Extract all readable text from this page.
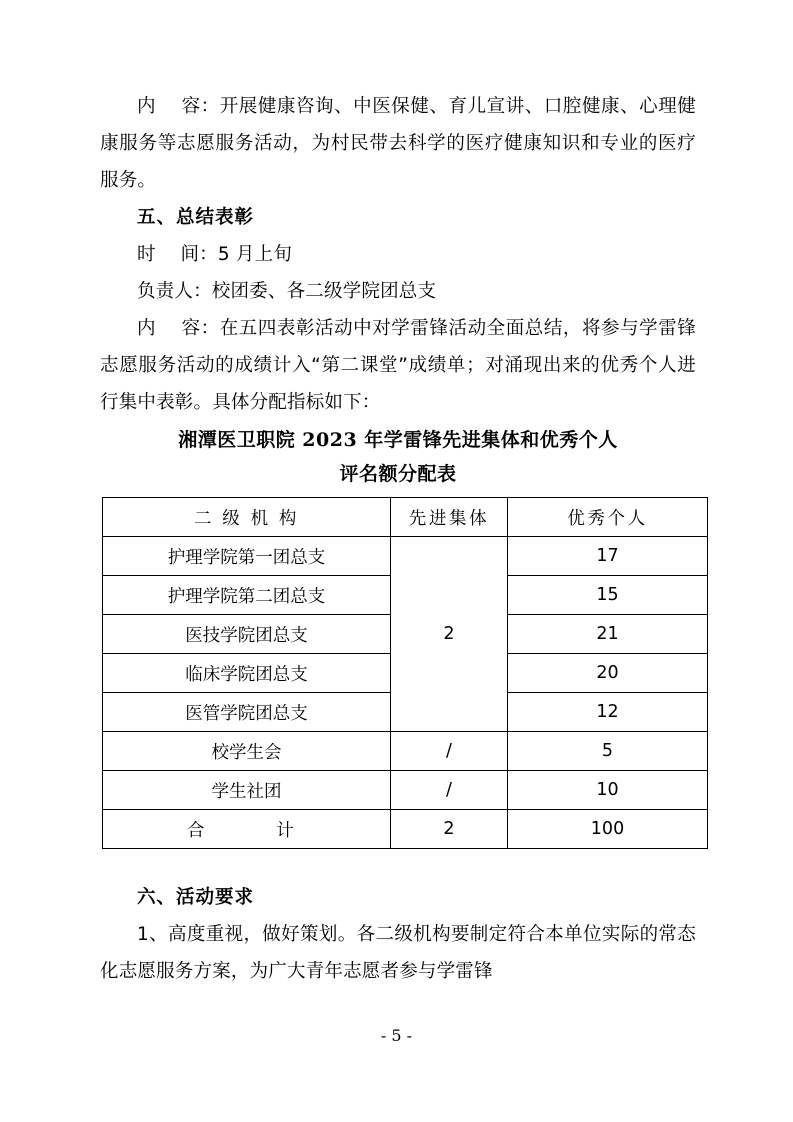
内　 容：开展健康咨询、中医保健、育儿宣讲、口腔健康、心理健康服务等志愿服务活动，为村民带去科学的医疗健康知识和专业的医疗服务。

五、总结表彰

时　 间：5 月上旬

负责人：校团委、各二级学院团总支

内　 容：在五四表彰活动中对学雷锋活动全面总结，将参与学雷锋志愿服务活动的成绩计入“第二课堂”成绩单；对涌现出来的优秀个人进行集中表彰。具体分配指标如下：

湘潭医卫职院 2023 年学雷锋先进集体和优秀个人

评名额分配表

二 级 机 构	先进集体	优秀个人
护理学院第一团总支	2	17
护理学院第二团总支		15
医技学院团总支		21
临床学院团总支		20
医管学院团总支		12
校学生会	/	5
学生社团	/	10
合　　计	2	100

六、活动要求

1、高度重视，做好策划。各二级机构要制定符合本单位实际的常态化志愿服务方案，为广大青年志愿者参与学雷锋

- 5 -
